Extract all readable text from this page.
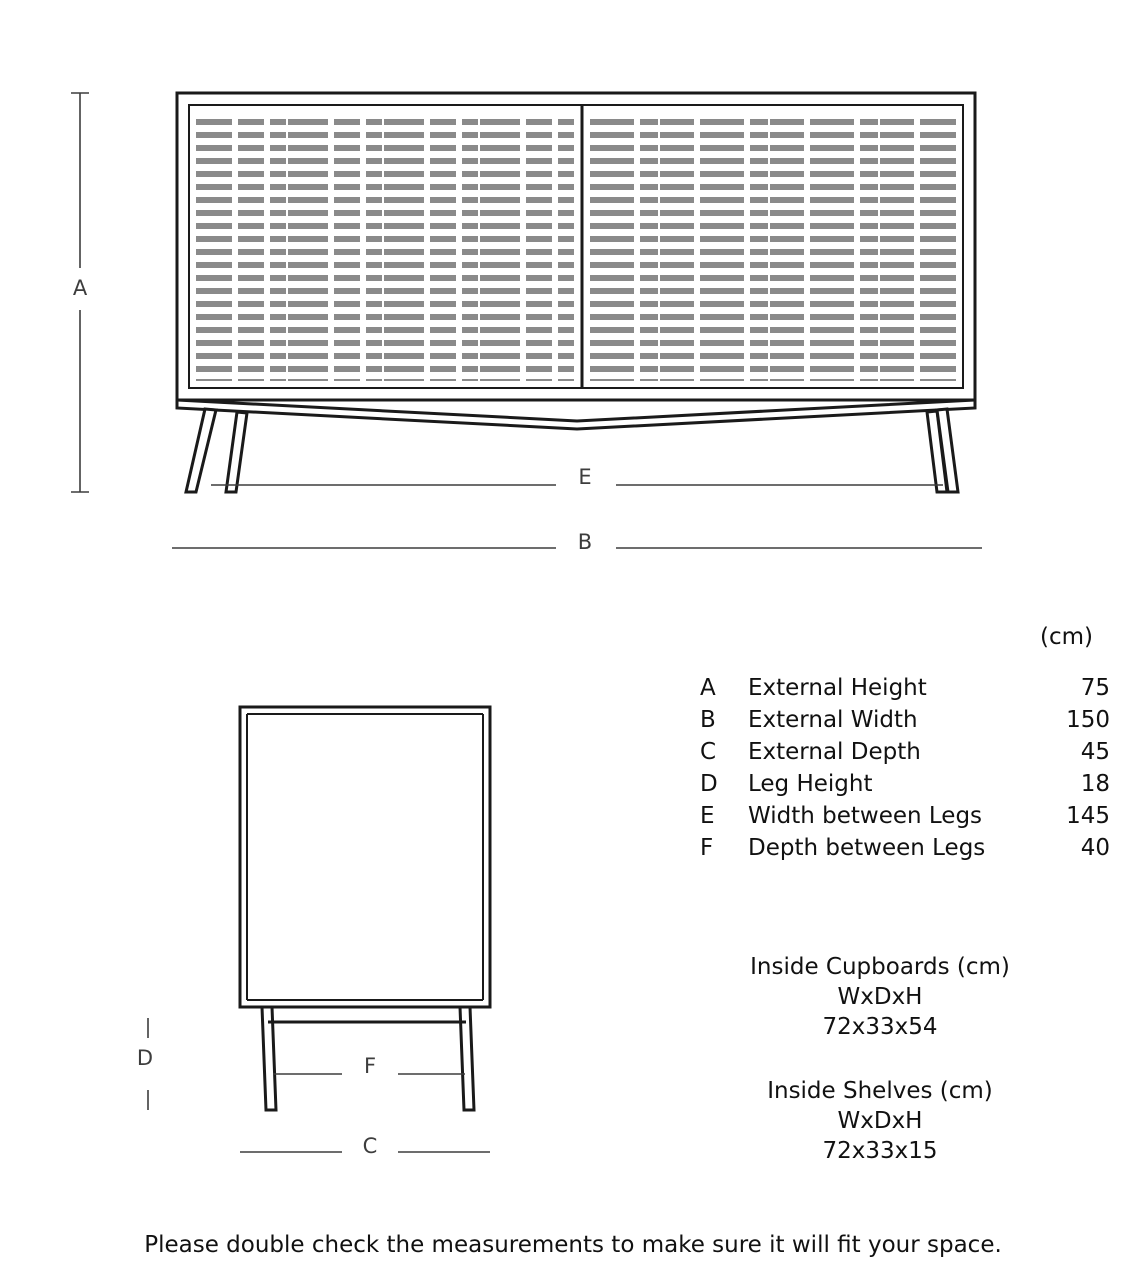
A
E
B
D	F
C
(cm)
A	External Height	75
B	External Width	150
C	External Depth	45
D	Leg Height	18
E	Width between Legs	145
F	Depth between Legs	40
Inside Cupboards (cm)
WxDxH
72x33x54
Inside Shelves (cm)
WxDxH
72x33x15
Please double check the measurements to make sure it will fit your space.
